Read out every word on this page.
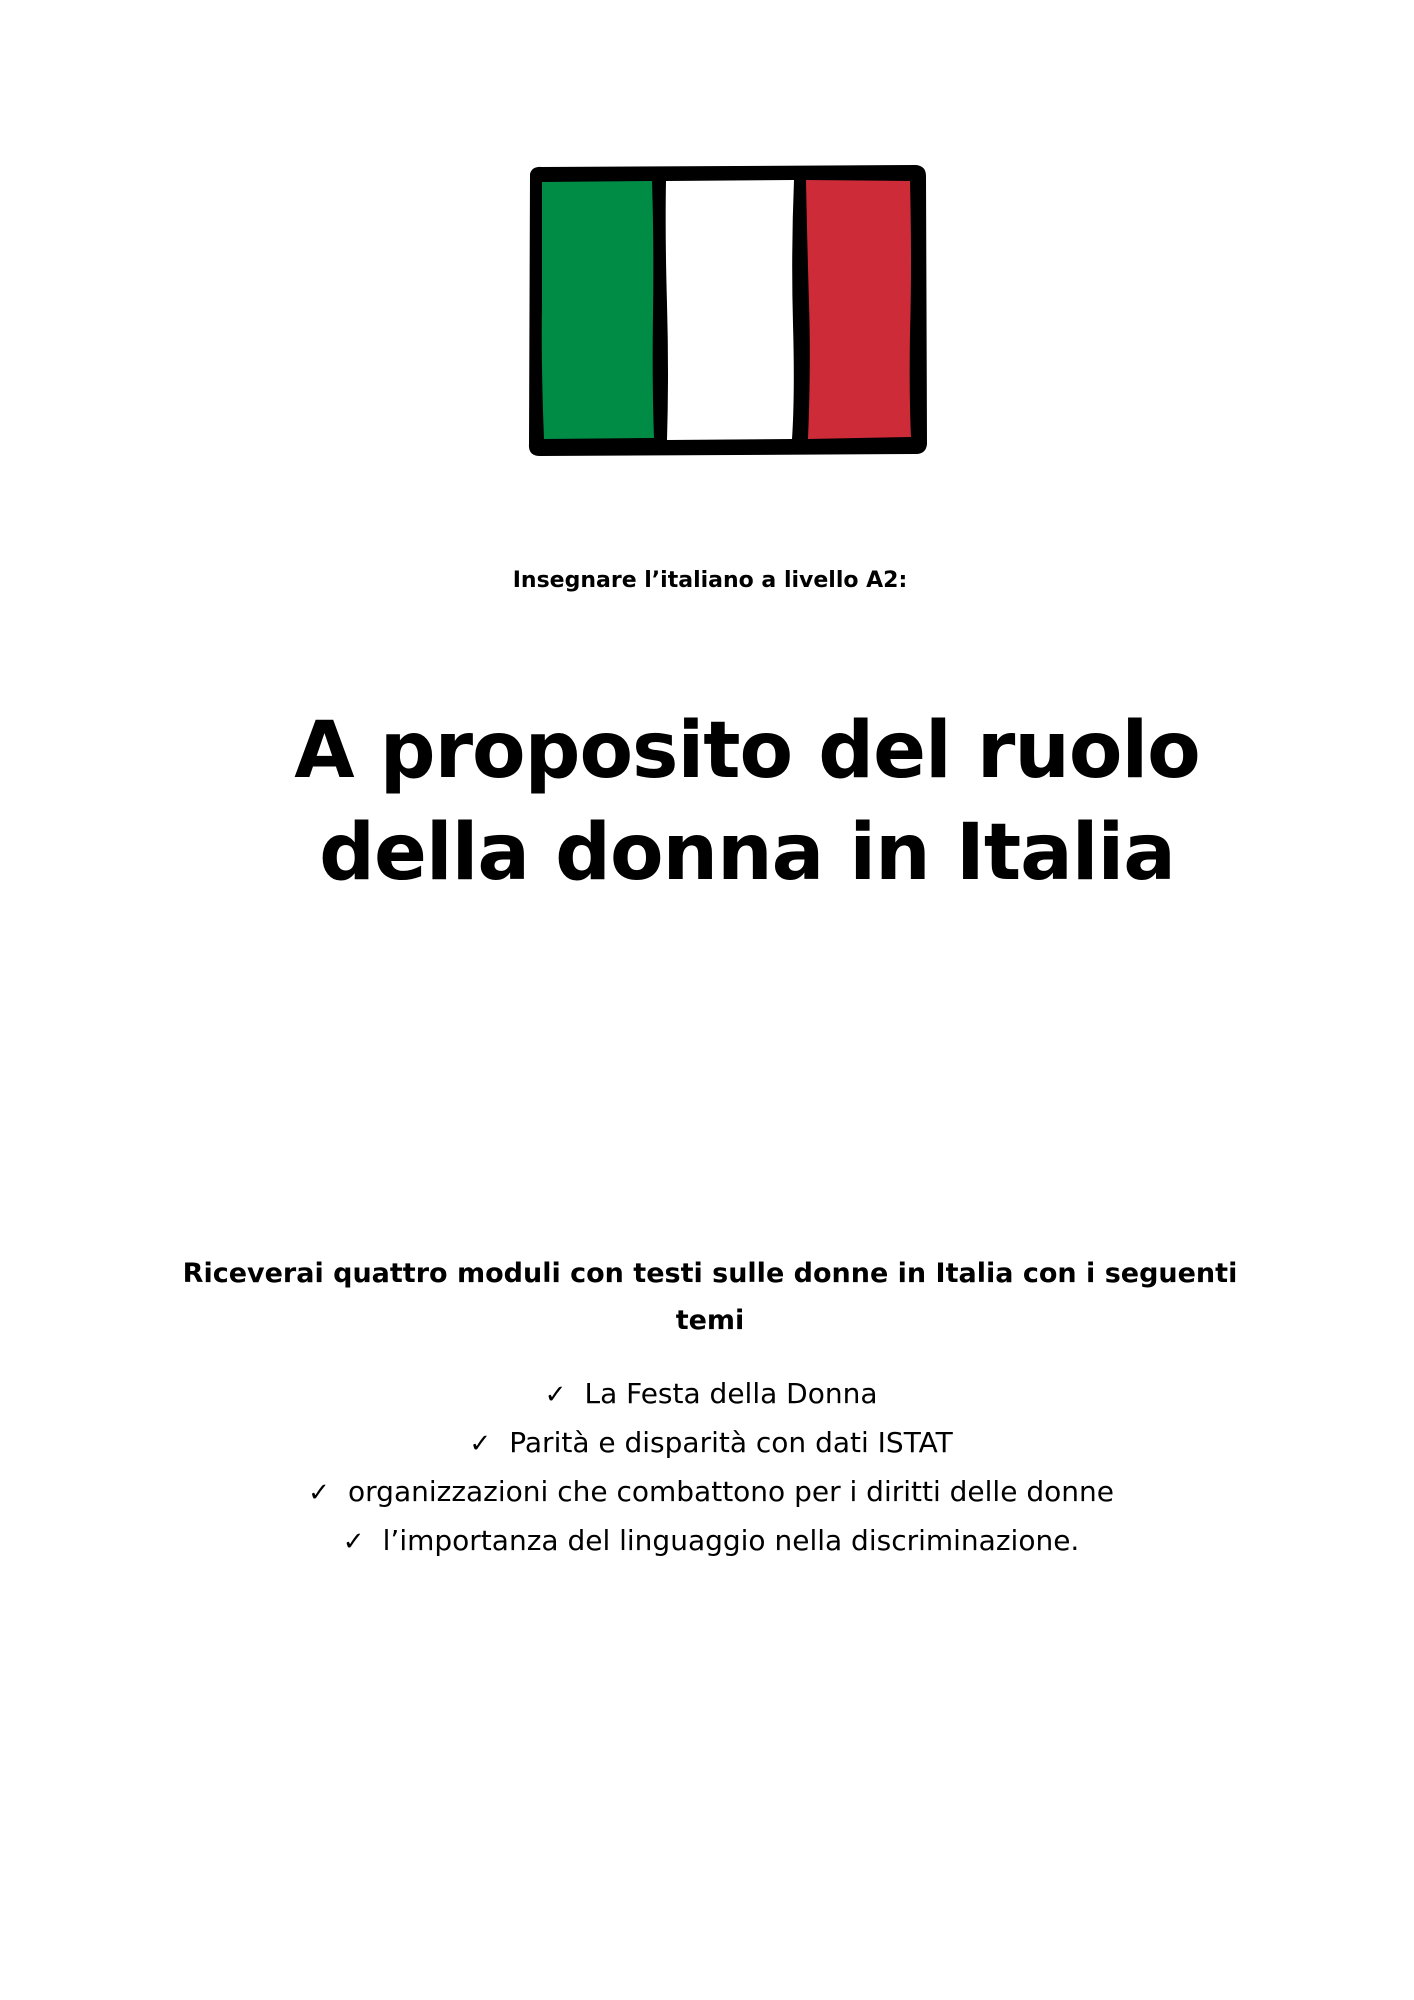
Insegnare l’italiano a livello A2:
A proposito del ruolo
della donna in Italia

Riceverai quattro moduli con testi sulle donne in Italia con i seguenti temi

✓ La Festa della Donna
✓ Parità e disparità con dati ISTAT
✓ organizzazioni che combattono per i diritti delle donne
✓ l’importanza del linguaggio nella discriminazione.
